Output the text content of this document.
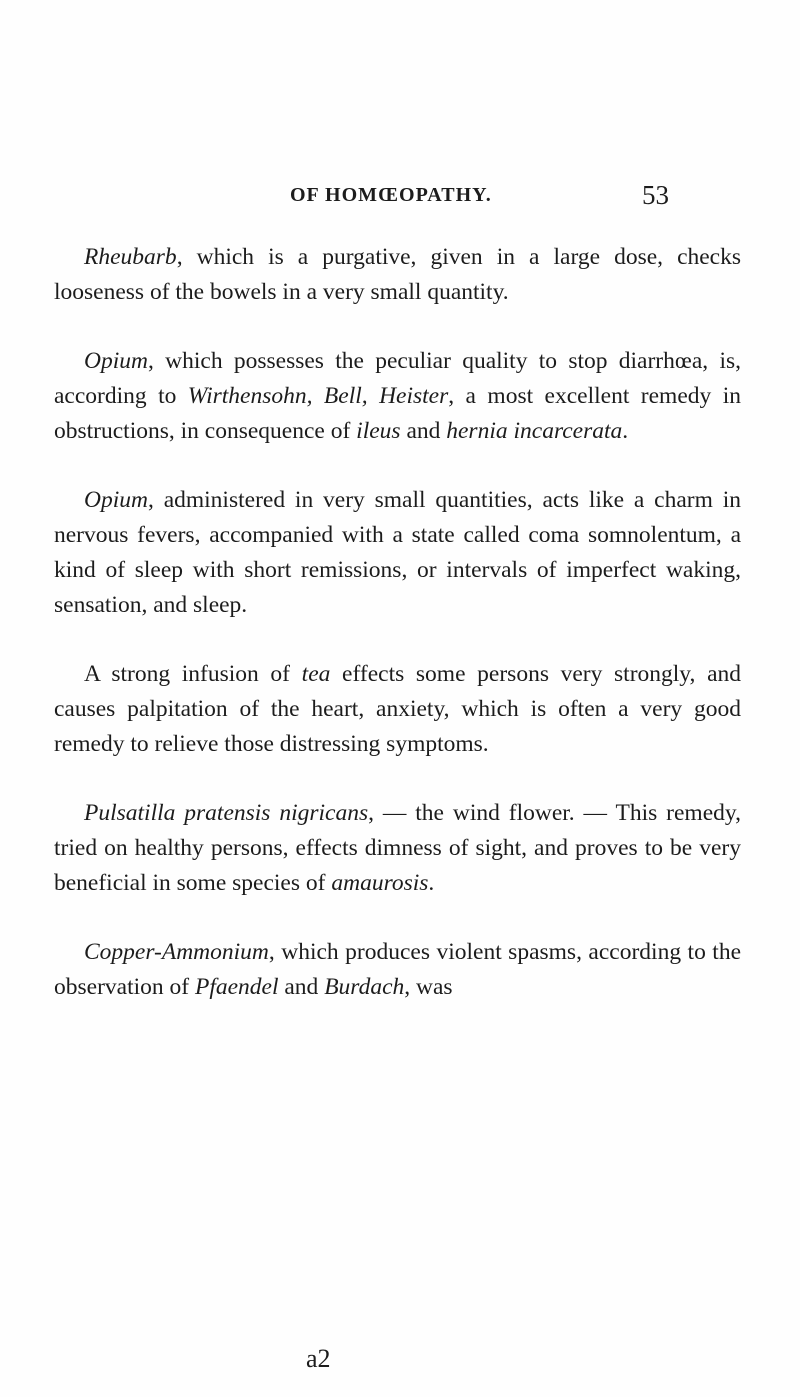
OF HOMŒOPATHY.	53

Rheubarb, which is a purgative, given in a large dose, checks looseness of the bowels in a very small quantity.

Opium, which possesses the peculiar quality to stop diarrhœa, is, according to Wirthensohn, Bell, Heister, a most excellent remedy in obstructions, in consequence of ileus and hernia incarcerata.

Opium, administered in very small quantities, acts like a charm in nervous fevers, accompanied with a state called coma somnolentum, a kind of sleep with short remissions, or intervals of imperfect waking, sensation, and sleep.

A strong infusion of tea effects some persons very strongly, and causes palpitation of the heart, anxiety, which is often a very good remedy to relieve those distressing symptoms.

Pulsatilla pratensis nigricans, — the wind flower. — This remedy, tried on healthy persons, effects dimness of sight, and proves to be very beneficial in some species of amaurosis.

Copper-Ammonium, which produces violent spasms, according to the observation of Pfaendel and Burdach, was

a2
